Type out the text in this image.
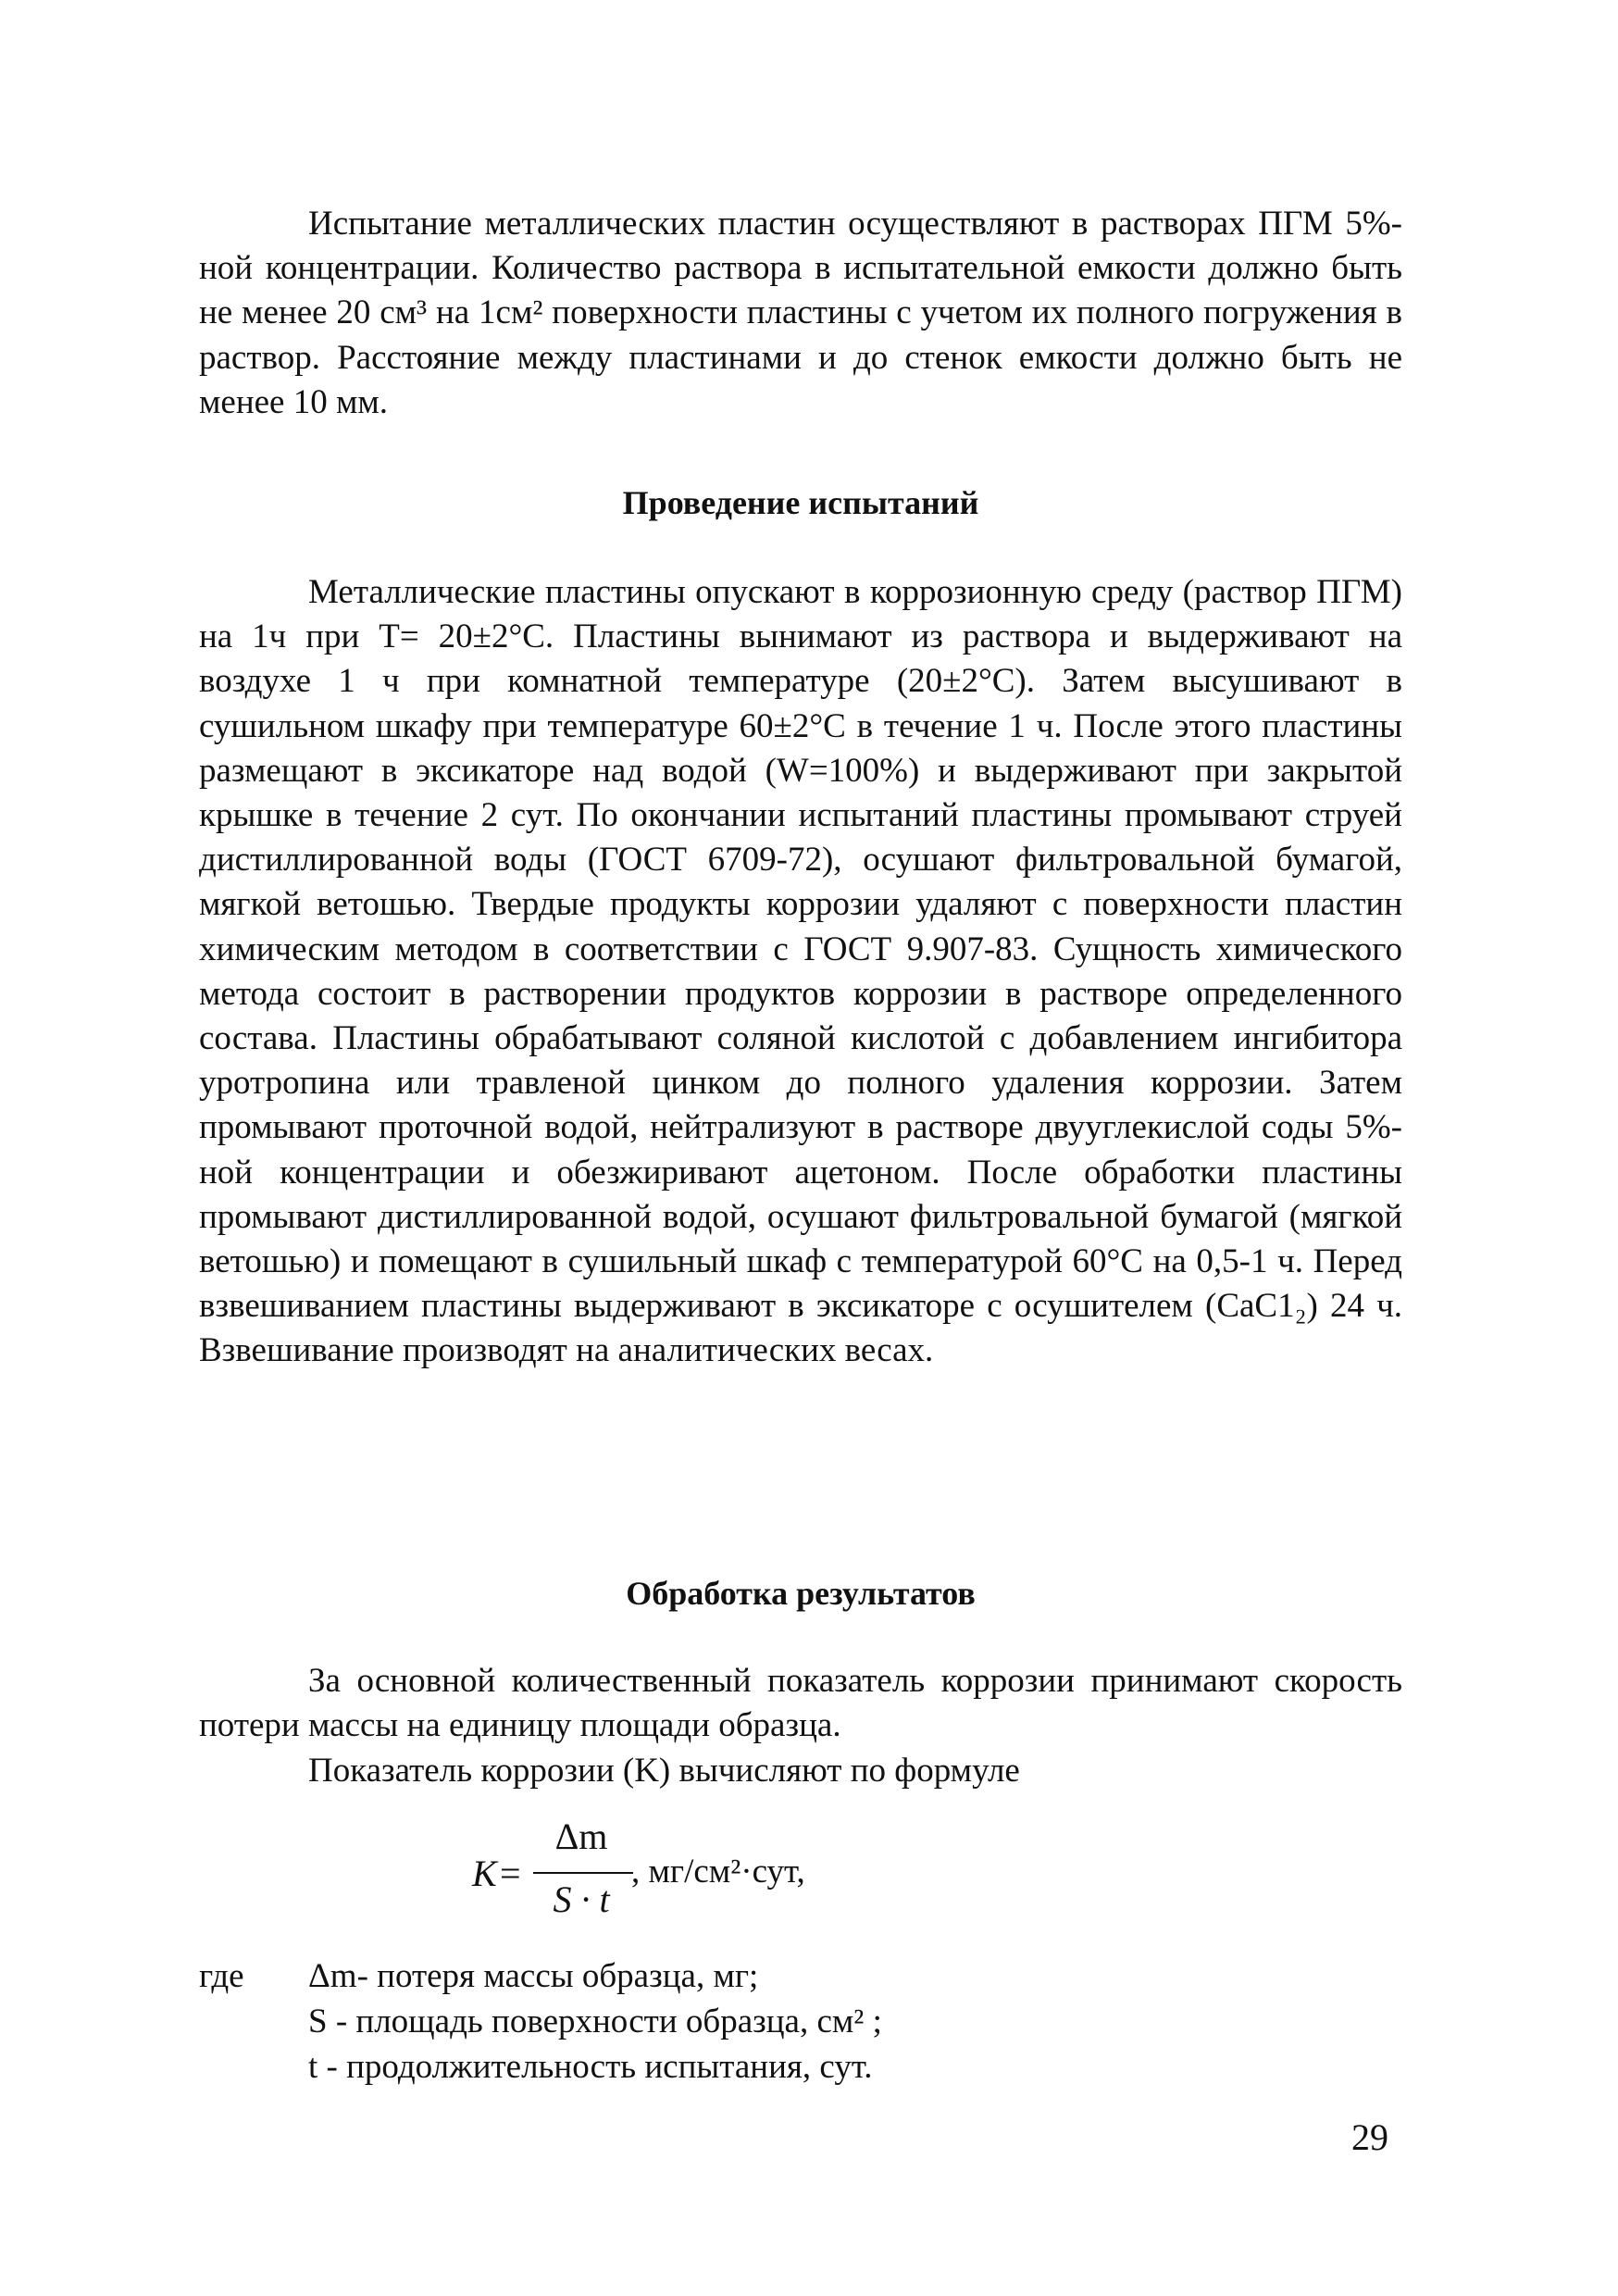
Испытание металлических пластин осуществляют в растворах ПГМ 5%-ной концентрации. Количество раствора в испытательной емкости должно быть не менее 20 см³ на 1см² поверхности пластины с учетом их полного погружения в раствор. Расстояние между пластинами и до стенок емкости должно быть не менее 10 мм.

Проведение испытаний

Металлические пластины опускают в коррозионную среду (раствор ПГМ) на 1ч при Т= 20±2°С. Пластины вынимают из раствора и выдерживают на воздухе 1 ч при комнатной температуре (20±2°С). Затем высушивают в сушильном шкафу при температуре 60±2°С в течение 1 ч. После этого пластины размещают в эксикаторе над водой (W=100%) и выдерживают при закрытой крышке в течение 2 сут. По окончании испытаний пластины промывают струей дистиллированной воды (ГОСТ 6709-72), осушают фильтровальной бумагой, мягкой ветошью. Твердые продукты коррозии удаляют с поверхности пластин химическим методом в соответствии с ГОСТ 9.907-83. Сущность химического метода состоит в растворении продуктов коррозии в растворе определенного состава. Пластины обрабатывают соляной кислотой с добавлением ингибитора уротропина или травленой цинком до полного удаления коррозии. Затем промывают проточной водой, нейтрализуют в растворе двууглекислой соды 5%-ной концентрации и обезжиривают ацетоном. После обработки пластины промывают дистиллированной водой, осушают фильтровальной бумагой (мягкой ветошью) и помещают в сушильный шкаф с температурой 60°С на 0,5-1 ч. Перед взвешиванием пластины выдерживают в эксикаторе с осушителем (СаС1₂) 24 ч. Взвешивание производят на аналитических весах.

Обработка результатов

За основной количественный показатель коррозии принимают скорость потери массы на единицу площади образца.

Показатель коррозии (K) вычисляют по формуле

K =
Δm
S · t
, мг/см²·сут,
где Δm- потеря массы образца, мг;
S - площадь поверхности образца, см² ;
t - продолжительность испытания, сут.
29
